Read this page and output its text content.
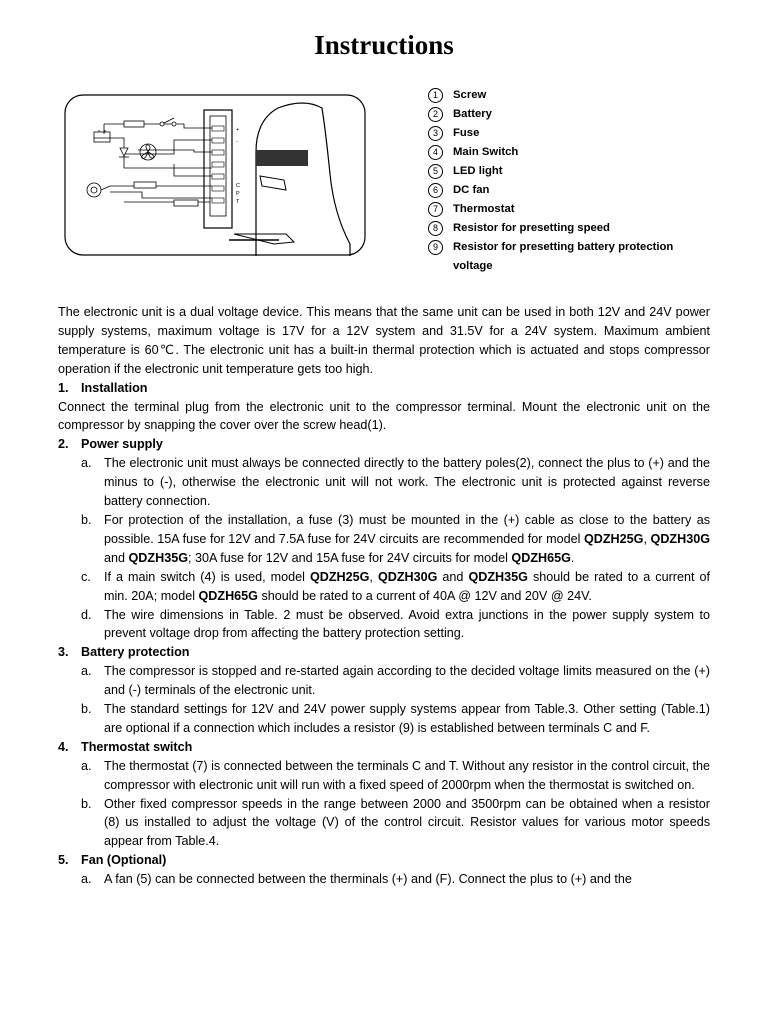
Instructions
+
-
C
P
T
1	Screw
2	Battery
3	Fuse
4	Main Switch
5	LED light
6	DC fan
7	Thermostat
8	Resistor for presetting speed
9	Resistor for presetting battery protection voltage

The electronic unit is a dual voltage device. This means that the same unit can be used in both 12V and 24V power supply systems, maximum voltage is 17V for a 12V system and 31.5V for a 24V system. Maximum ambient temperature is 60℃. The electronic unit has a built-in thermal protection which is actuated and stops compressor operation if the electronic unit temperature gets too high.

1. Installation

Connect the terminal plug from the electronic unit to the compressor terminal. Mount the electronic unit on the compressor by snapping the cover over the screw head(1).

2. Power supply
a. The electronic unit must always be connected directly to the battery poles(2), connect the plus to (+) and the minus to (-), otherwise the electronic unit will not work. The electronic unit is protected against reverse battery connection.
b. For protection of the installation, a fuse (3) must be mounted in the (+) cable as close to the battery as possible. 15A fuse for 12V and 7.5A fuse for 24V circuits are recommended for model QDZH25G, QDZH30G and QDZH35G; 30A fuse for 12V and 15A fuse for 24V circuits for model QDZH65G.
c. If a main switch (4) is used, model QDZH25G, QDZH30G and QDZH35G should be rated to a current of min. 20A; model QDZH65G should be rated to a current of 40A @ 12V and 20V @ 24V.
d. The wire dimensions in Table. 2 must be observed. Avoid extra junctions in the power supply system to prevent voltage drop from affecting the battery protection setting.
3. Battery protection
a. The compressor is stopped and re-started again according to the decided voltage limits measured on the (+) and (-) terminals of the electronic unit.
b. The standard settings for 12V and 24V power supply systems appear from Table.3. Other setting (Table.1) are optional if a connection which includes a resistor (9) is established between terminals C and F.
4. Thermostat switch
a. The thermostat (7) is connected between the terminals C and T. Without any resistor in the control circuit, the compressor with electronic unit will run with a fixed speed of 2000rpm when the thermostat is switched on.
b. Other fixed compressor speeds in the range between 2000 and 3500rpm can be obtained when a resistor (8) us installed to adjust the voltage (V) of the control circuit. Resistor values for various motor speeds appear from Table.4.
5. Fan (Optional)
a. A fan (5) can be connected between the therminals (+) and (F). Connect the plus to (+) and the
